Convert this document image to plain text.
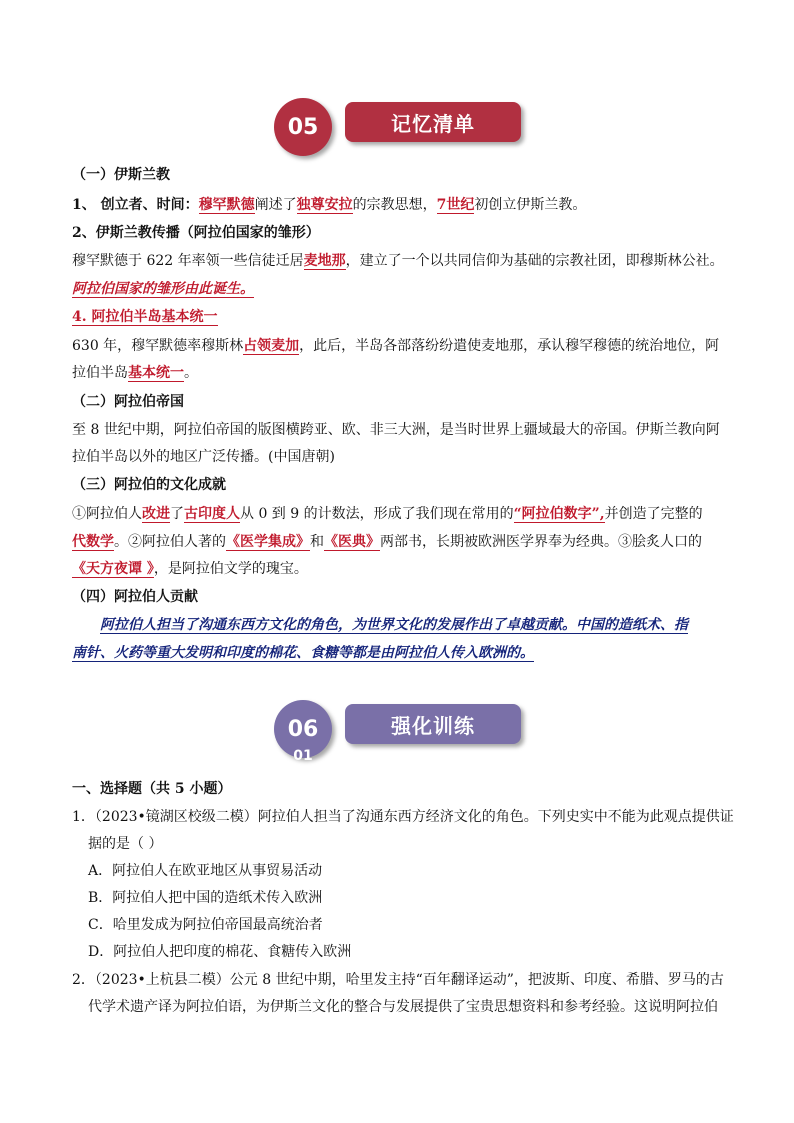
05	记忆清单
（一）伊斯兰教
1、 创立者、时间：穆罕默德阐述了独尊安拉的宗教思想，7世纪初创立伊斯兰教。
2、伊斯兰教传播（阿拉伯国家的雏形）
穆罕默德于 622 年率领一些信徒迁居麦地那，建立了一个以共同信仰为基础的宗教社团，即穆斯林公社。
阿拉伯国家的雏形由此诞生。
4. 阿拉伯半岛基本统一
630 年，穆罕默德率穆斯林占领麦加，此后，半岛各部落纷纷遣使麦地那，承认穆罕穆德的统治地位，阿
拉伯半岛基本统一。
（二）阿拉伯帝国
至 8 世纪中期，阿拉伯帝国的版图横跨亚、欧、非三大洲，是当时世界上疆域最大的帝国。伊斯兰教向阿
拉伯半岛以外的地区广泛传播。(中国唐朝)
（三）阿拉伯的文化成就
①阿拉伯人改进了古印度人从 0 到 9 的计数法，形成了我们现在常用的“阿拉伯数字”,并创造了完整的
代数学。②阿拉伯人著的《医学集成》和《医典》两部书，长期被欧洲医学界奉为经典。③脍炙人口的
《天方夜谭 》，是阿拉伯文学的瑰宝。
（四）阿拉伯人贡献
阿拉伯人担当了沟通东西方文化的角色，为世界文化的发展作出了卓越贡献。中国的造纸术、指
南针、火药等重大发明和印度的棉花、食糖等都是由阿拉伯人传入欧洲的。
06
01
强化训练
一、选择题（共 5 小题）
1．（2023•镜湖区校级二模）阿拉伯人担当了沟通东西方经济文化的角色。下列史实中不能为此观点提供证
据的是（ ）
A．阿拉伯人在欧亚地区从事贸易活动
B．阿拉伯人把中国的造纸术传入欧洲
C．哈里发成为阿拉伯帝国最高统治者
D．阿拉伯人把印度的棉花、食糖传入欧洲
2．（2023•上杭县二模）公元 8 世纪中期，哈里发主持“百年翻译运动”，把波斯、印度、希腊、罗马的古
代学术遗产译为阿拉伯语，为伊斯兰文化的整合与发展提供了宝贵思想资料和参考经验。这说明阿拉伯
